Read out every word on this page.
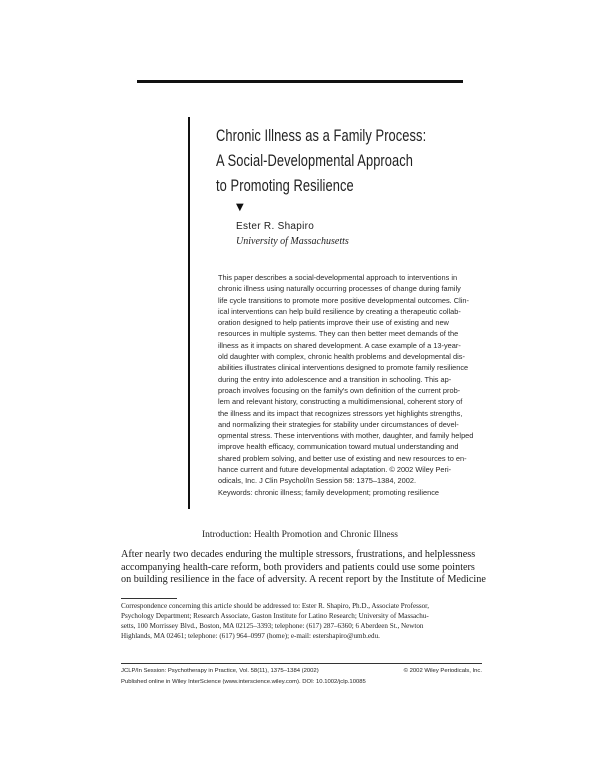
Chronic Illness as a Family Process:
A Social-Developmental Approach
to Promoting Resilience
▼
Ester R. Shapiro
University of Massachusetts

This paper describes a social-developmental approach to interventions in
chronic illness using naturally occurring processes of change during family
life cycle transitions to promote more positive developmental outcomes. Clin-
ical interventions can help build resilience by creating a therapeutic collab-
oration designed to help patients improve their use of existing and new
resources in multiple systems. They can then better meet demands of the
illness as it impacts on shared development. A case example of a 13-year-
old daughter with complex, chronic health problems and developmental dis-
abilities illustrates clinical interventions designed to promote family resilience
during the entry into adolescence and a transition in schooling. This ap-
proach involves focusing on the family's own definition of the current prob-
lem and relevant history, constructing a multidimensional, coherent story of
the illness and its impact that recognizes stressors yet highlights strengths,
and normalizing their strategies for stability under circumstances of devel-
opmental stress. These interventions with mother, daughter, and family helped
improve health efficacy, communication toward mutual understanding and
shared problem solving, and better use of existing and new resources to en-
hance current and future developmental adaptation. © 2002 Wiley Peri-
odicals, Inc. J Clin Psychol/In Session 58: 1375–1384, 2002.

Keywords: chronic illness; family development; promoting resilience
Introduction: Health Promotion and Chronic Illness

After nearly two decades enduring the multiple stressors, frustrations, and helplessness
accompanying health-care reform, both providers and patients could use some pointers
on building resilience in the face of adversity. A recent report by the Institute of Medicine

Correspondence concerning this article should be addressed to: Ester R. Shapiro, Ph.D., Associate Professor,
Psychology Department; Research Associate, Gaston Institute for Latino Research; University of Massachu-
setts, 100 Morrissey Blvd., Boston, MA 02125–3393; telephone: (617) 287–6360; 6 Aberdeen St., Newton
Highlands, MA 02461; telephone: (617) 964–0997 (home); e-mail: estershapiro@umb.edu.

JCLP/In Session: Psychotherapy in Practice, Vol. 58(11), 1375–1384 (2002)	© 2002 Wiley Periodicals, Inc.
Published online in Wiley InterScience (www.interscience.wiley.com). DOI: 10.1002/jclp.10085
